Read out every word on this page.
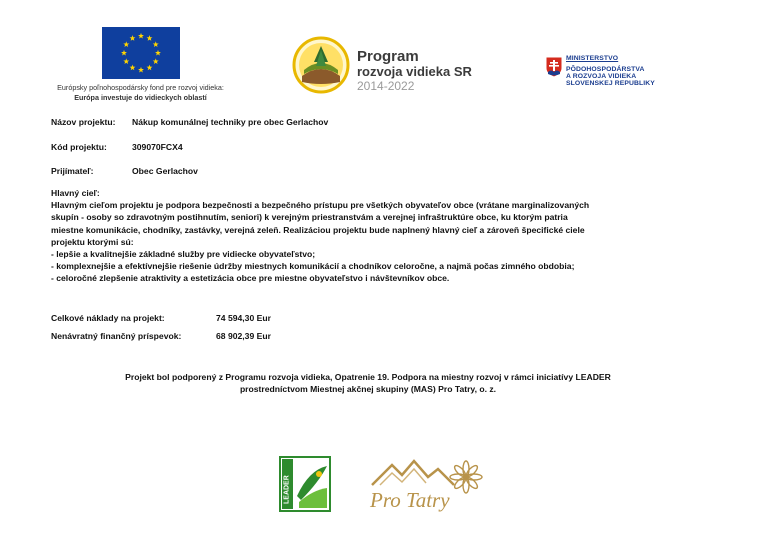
Európsky poľnohospodársky fond pre rozvoj vidieka:
Európa investuje do vidieckych oblastí
Program
rozvoja vidieka SR
2014-2022
MINISTERSTVO
PÔDOHOSPODÁRSTVA
A ROZVOJA VIDIEKA
SLOVENSKEJ REPUBLIKY
Názov projektu: Nákup komunálnej techniky pre obec Gerlachov
Kód projektu:	309070FCX4
Prijímateľ:	Obec Gerlachov

Hlavný cieľ:

Hlavným cieľom projektu je podpora bezpečnosti a bezpečného prístupu pre všetkých obyvateľov obce (vrátane marginalizovaných

skupín - osoby so zdravotným postihnutím, seniori) k verejným priestranstvám a verejnej infraštruktúre obce, ku ktorým patria

miestne komunikácie, chodníky, zastávky, verejná zeleň. Realizáciou projektu bude naplnený hlavný cieľ a zároveň špecifické ciele

projektu ktorými sú:

- lepšie a kvalitnejšie základné služby pre vidiecke obyvateľstvo;

- komplexnejšie a efektívnejšie riešenie údržby miestnych komunikácií a chodníkov celoročne, a najmä počas zimného obdobia;

- celoročné zlepšenie atraktivity a estetizácia obce pre miestne obyvateľstvo i návštevníkov obce.

Celkové náklady na projekt:	74 594,30 Eur
Nenávratný finančný príspevok:	68 902,39 Eur
Projekt bol podporený z Programu rozvoja vidieka, Opatrenie 19. Podpora na miestny rozvoj v rámci iniciatívy LEADER
prostredníctvom Miestnej akčnej skupiny (MAS) Pro Tatry, o. z.
LEADER	Pro Tatry
